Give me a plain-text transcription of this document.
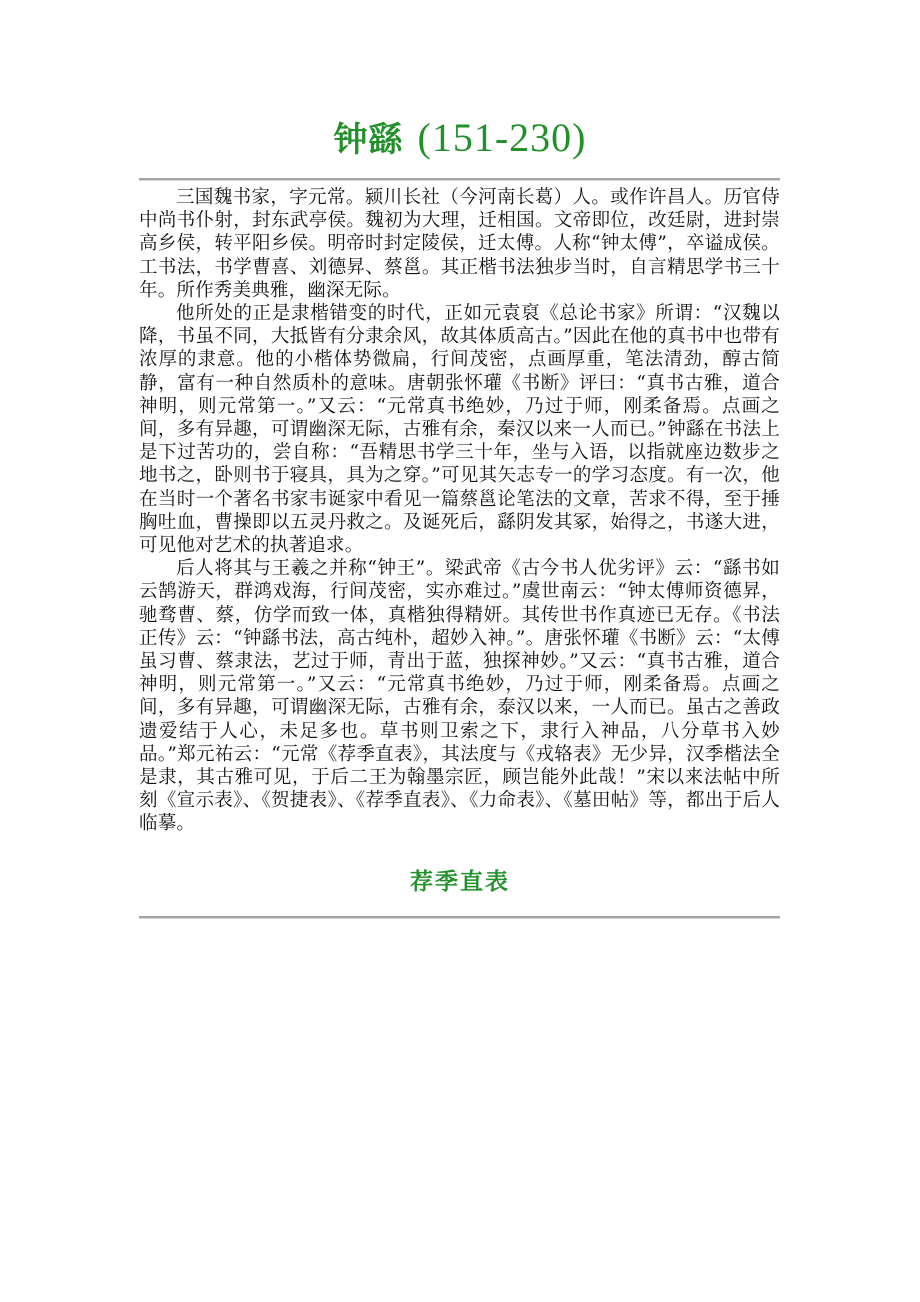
钟繇 (151-230)

三国魏书家，字元常。颍川长社（今河南长葛）人。或作许昌人。历官侍中尚书仆射，封东武亭侯。魏初为大理，迁相国。文帝即位，改廷尉，进封崇高乡侯，转平阳乡侯。明帝时封定陵侯，迁太傅。人称“钟太傅”，卒谥成侯。工书法，书学曹喜、刘德昇、蔡邕。其正楷书法独步当时，自言精思学书三十年。所作秀美典雅，幽深无际。

他所处的正是隶楷错变的时代，正如元袁裒《总论书家》所谓：“汉魏以降，书虽不同，大抵皆有分隶余风，故其体质高古。”因此在他的真书中也带有浓厚的隶意。他的小楷体势微扁，行间茂密，点画厚重，笔法清劲，醇古简静，富有一种自然质朴的意味。唐朝张怀瓘《书断》评曰：“真书古雅，道合神明，则元常第一。”又云：“元常真书绝妙，乃过于师，刚柔备焉。点画之间，多有异趣，可谓幽深无际，古雅有余，秦汉以来一人而已。”钟繇在书法上是下过苦功的，尝自称：“吾精思书学三十年，坐与入语，以指就座边数步之地书之，卧则书于寝具，具为之穿。”可见其矢志专一的学习态度。有一次，他在当时一个著名书家韦诞家中看见一篇蔡邕论笔法的文章，苦求不得，至于捶胸吐血，曹操即以五灵丹救之。及诞死后，繇阴发其冢，始得之，书遂大进，可见他对艺术的执著追求。

后人将其与王羲之并称“钟王”。梁武帝《古今书人优劣评》云：“繇书如云鹄游天，群鸿戏海，行间茂密，实亦难过。”虞世南云：“钟太傅师资德昇，驰骛曹、蔡，仿学而致一体，真楷独得精妍。其传世书作真迹已无存。《书法正传》云：“钟繇书法，高古纯朴，超妙入神。”。唐张怀瓘《书断》云：“太傅虽习曹、蔡隶法，艺过于师，青出于蓝，独探神妙。”又云：“真书古雅，道合神明，则元常第一。”又云：“元常真书绝妙，乃过于师，刚柔备焉。点画之间，多有异趣，可谓幽深无际，古雅有余，泰汉以来，一人而已。虽古之善政遗爱结于人心，未足多也。草书则卫索之下，隶行入神品，八分草书入妙品。”郑元祐云：“元常《荐季直表》，其法度与《戎辂表》无少异，汉季楷法全是隶，其古雅可见，于后二王为翰墨宗匠，顾岂能外此哉！”宋以来法帖中所刻《宣示表》、《贺捷表》、《荐季直表》、《力命表》、《墓田帖》等，都出于后人临摹。

荐季直表
